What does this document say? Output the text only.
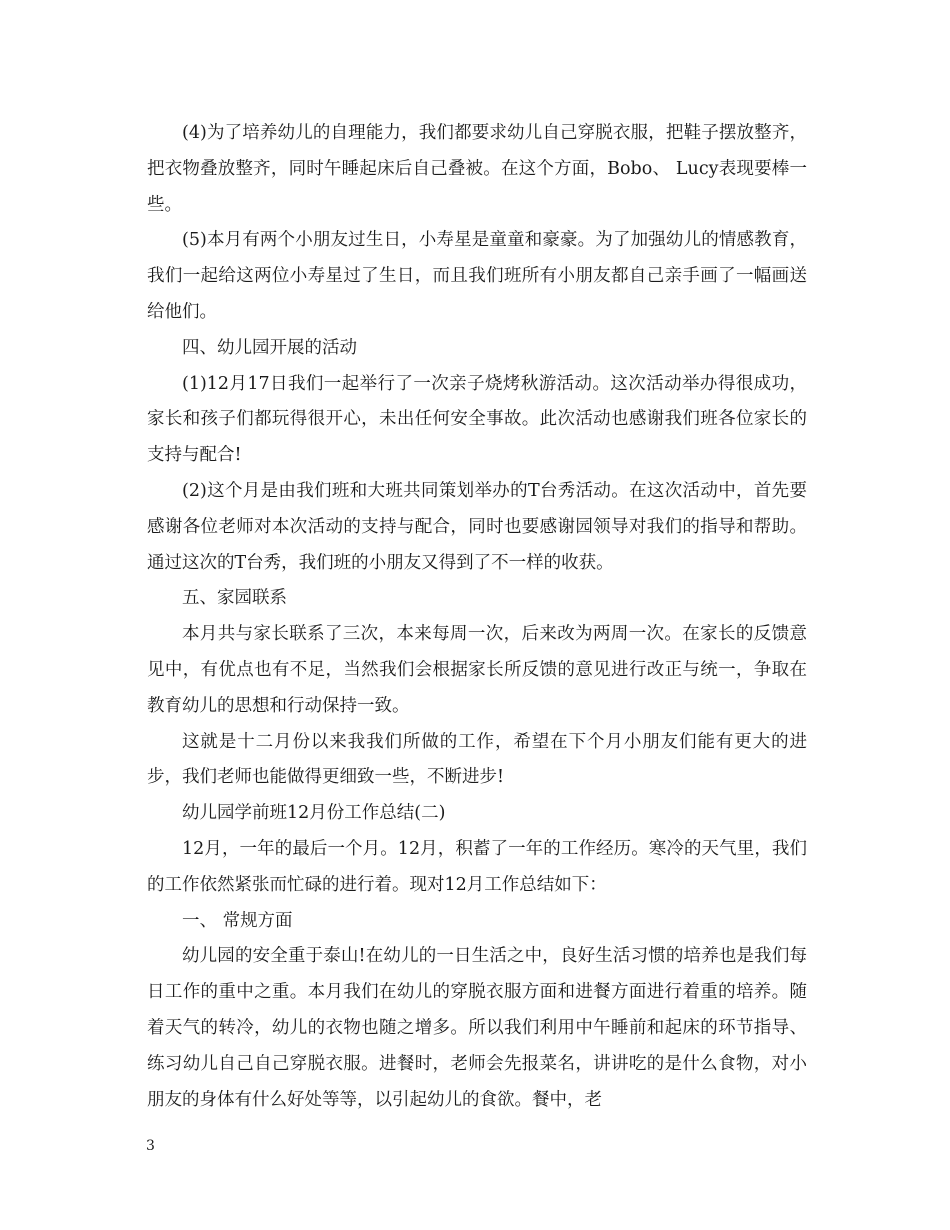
(4)为了培养幼儿的自理能力，我们都要求幼儿自己穿脱衣服，把鞋子摆放整齐，把衣物叠放整齐，同时午睡起床后自己叠被。在这个方面，Bobo、 Lucy表现要棒一些。

(5)本月有两个小朋友过生日，小寿星是童童和豪豪。为了加强幼儿的情感教育，我们一起给这两位小寿星过了生日，而且我们班所有小朋友都自己亲手画了一幅画送给他们。

四、幼儿园开展的活动

(1)12月17日我们一起举行了一次亲子烧烤秋游活动。这次活动举办得很成功，家长和孩子们都玩得很开心，未出任何安全事故。此次活动也感谢我们班各位家长的支持与配合!

(2)这个月是由我们班和大班共同策划举办的T台秀活动。在这次活动中，首先要感谢各位老师对本次活动的支持与配合，同时也要感谢园领导对我们的指导和帮助。通过这次的T台秀，我们班的小朋友又得到了不一样的收获。

五、家园联系

本月共与家长联系了三次，本来每周一次，后来改为两周一次。在家长的反馈意见中，有优点也有不足，当然我们会根据家长所反馈的意见进行改正与统一，争取在教育幼儿的思想和行动保持一致。

这就是十二月份以来我我们所做的工作，希望在下个月小朋友们能有更大的进步，我们老师也能做得更细致一些，不断进步!

幼儿园学前班12月份工作总结(二)

12月，一年的最后一个月。12月，积蓄了一年的工作经历。寒冷的天气里，我们的工作依然紧张而忙碌的进行着。现对12月工作总结如下：

一、 常规方面

幼儿园的安全重于泰山!在幼儿的一日生活之中，良好生活习惯的培养也是我们每日工作的重中之重。本月我们在幼儿的穿脱衣服方面和进餐方面进行着重的培养。随着天气的转冷，幼儿的衣物也随之增多。所以我们利用中午睡前和起床的环节指导、练习幼儿自己自己穿脱衣服。进餐时，老师会先报菜名，讲讲吃的是什么食物，对小朋友的身体有什么好处等等，以引起幼儿的食欲。餐中，老

3
